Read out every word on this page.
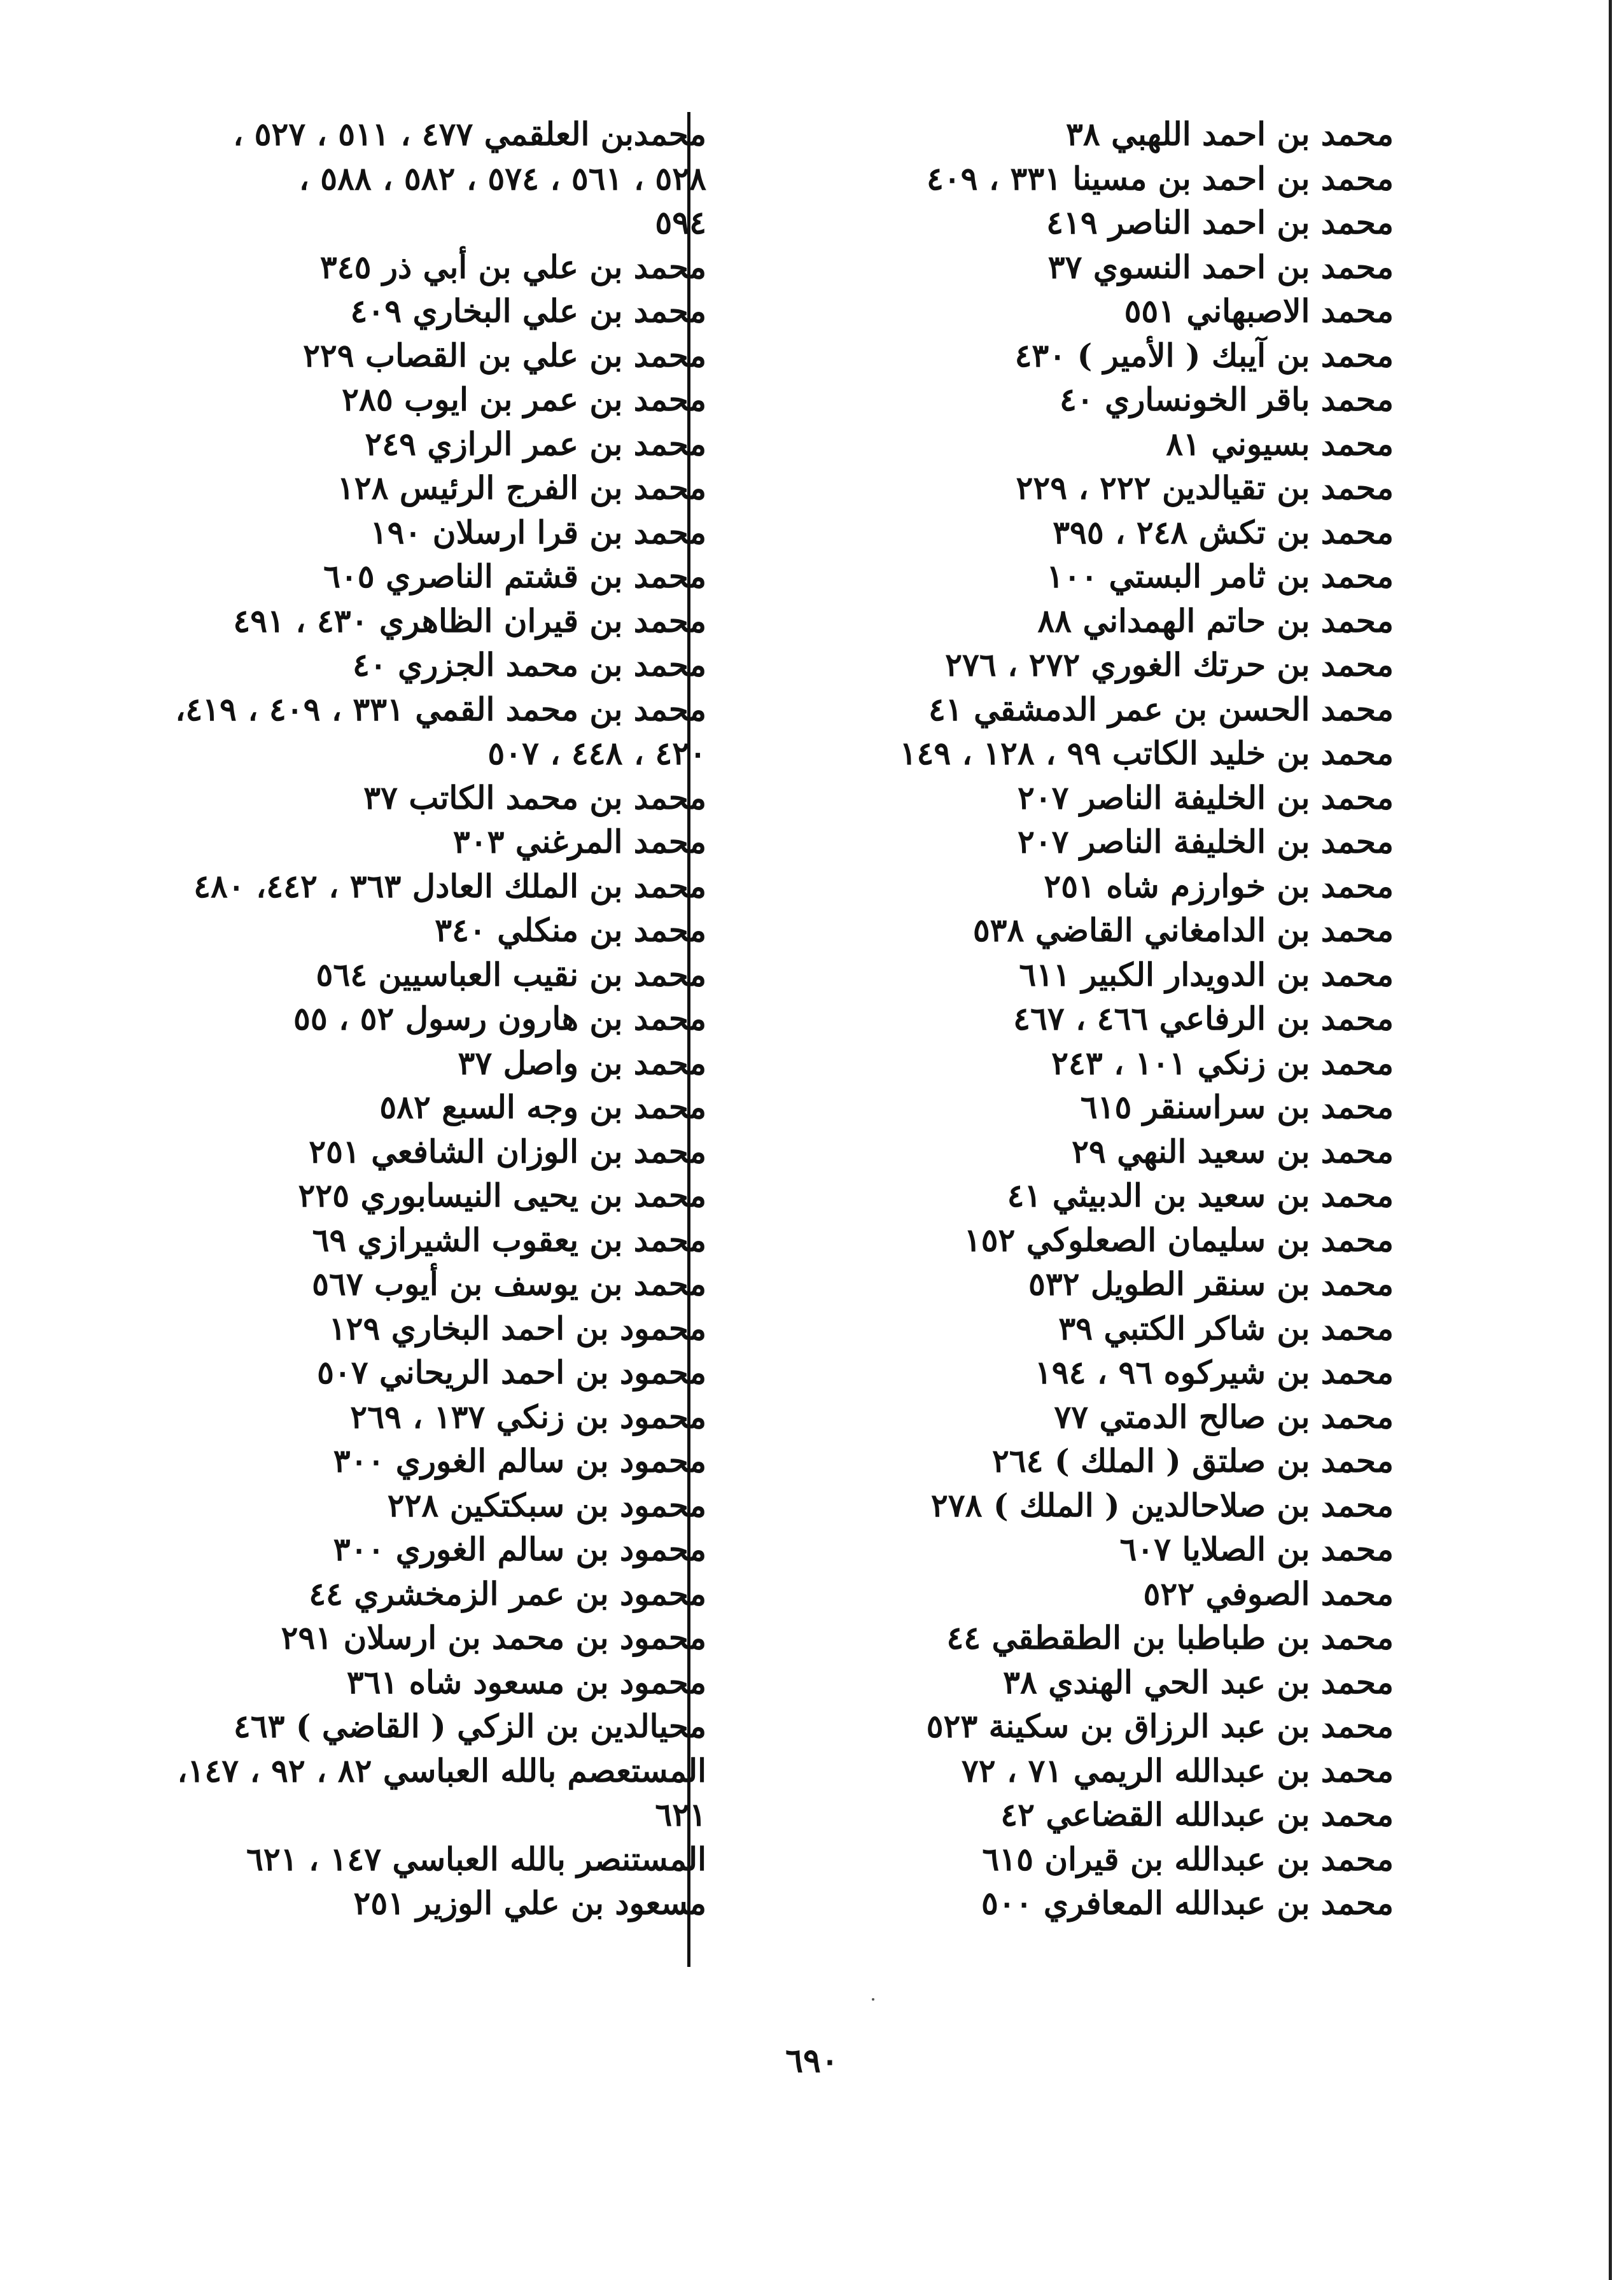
محمد بن احمد اللهبي ٣٨
محمد بن احمد بن مسينا ٣٣١ ، ٤٠٩
محمد بن احمد الناصر ٤١٩
محمد بن احمد النسوي ٣٧
محمد الاصبهاني ٥٥١
محمد بن آيبك ( الأمير ) ٤٣٠
محمد باقر الخونساري ٤٠
محمد بسيوني ٨١
محمد بن تقيالدين ٢٢٢ ، ٢٢٩
محمد بن تكش ٢٤٨ ، ٣٩٥
محمد بن ثامر البستي ١٠٠
محمد بن حاتم الهمداني ٨٨
محمد بن حرتك الغوري ٢٧٢ ، ٢٧٦
محمد الحسن بن عمر الدمشقي ٤١
محمد بن خليد الكاتب ٩٩ ، ١٢٨ ، ١٤٩
محمد بن الخليفة الناصر ٢٠٧
محمد بن الخليفة الناصر ٢٠٧
محمد بن خوارزم شاه ٢٥١
محمد بن الدامغاني القاضي ٥٣٨
محمد بن الدويدار الكبير ٦١١
محمد بن الرفاعي ٤٦٦ ، ٤٦٧
محمد بن زنكي ١٠١ ، ٢٤٣
محمد بن سراسنقر ٦١٥
محمد بن سعيد النهي ٢٩
محمد بن سعيد بن الدبيثي ٤١
محمد بن سليمان الصعلوكي ١٥٢
محمد بن سنقر الطويل ٥٣٢
محمد بن شاكر الكتبي ٣٩
محمد بن شيركوه ٩٦ ، ١٩٤
محمد بن صالح الدمتي ٧٧
محمد بن صلتق ( الملك ) ٢٦٤
محمد بن صلاحالدين ( الملك ) ٢٧٨
محمد بن الصلايا ٦٠٧
محمد الصوفي ٥٢٢
محمد بن طباطبا بن الطقطقي ٤٤
محمد بن عبد الحي الهندي ٣٨
محمد بن عبد الرزاق بن سكينة ٥٢٣
محمد بن عبدالله الريمي ٧١ ، ٧٢
محمد بن عبدالله القضاعي ٤٢
محمد بن عبدالله بن قيران ٦١٥
محمد بن عبدالله المعافري ٥٠٠
محمدبن العلقمي ٤٧٧ ، ٥١١ ، ٥٢٧ ،
٥٢٨ ، ٥٦١ ، ٥٧٤ ، ٥٨٢ ، ٥٨٨ ،
٥٩٤
محمد بن علي بن أبي ذر ٣٤٥
محمد بن علي البخاري ٤٠٩
محمد بن علي بن القصاب ٢٢٩
محمد بن عمر بن ايوب ٢٨٥
محمد بن عمر الرازي ٢٤٩
محمد بن الفرج الرئيس ١٢٨
محمد بن قرا ارسلان ١٩٠
محمد بن قشتم الناصري ٦٠٥
محمد بن قيران الظاهري ٤٣٠ ، ٤٩١
محمد بن محمد الجزري ٤٠
محمد بن محمد القمي ٣٣١ ، ٤٠٩ ، ٤١٩،
٤٢٠ ، ٤٤٨ ، ٥٠٧
محمد بن محمد الكاتب ٣٧
محمد المرغني ٣٠٣
محمد بن الملك العادل ٣٦٣ ، ٤٤٢، ٤٨٠
محمد بن منكلي ٣٤٠
محمد بن نقيب العباسيين ٥٦٤
محمد بن هارون رسول ٥٢ ، ٥٥
محمد بن واصل ٣٧
محمد بن وجه السبع ٥٨٢
محمد بن الوزان الشافعي ٢٥١
محمد بن يحيى النيسابوري ٢٢٥
محمد بن يعقوب الشيرازي ٦٩
محمد بن يوسف بن أيوب ٥٦٧
محمود بن احمد البخاري ١٢٩
محمود بن احمد الريحاني ٥٠٧
محمود بن زنكي ١٣٧ ، ٢٦٩
محمود بن سالم الغوري ٣٠٠
محمود بن سبكتكين ٢٢٨
محمود بن سالم الغوري ٣٠٠
محمود بن عمر الزمخشري ٤٤
محمود بن محمد بن ارسلان ٢٩١
محمود بن مسعود شاه ٣٦١
محيالدين بن الزكي ( القاضي ) ٤٦٣
المستعصم بالله العباسي ٨٢ ، ٩٢ ، ١٤٧،
٦٢١
المستنصر بالله العباسي ١٤٧ ، ٦٢١
مسعود بن علي الوزير ٢٥١
٦٩٠
